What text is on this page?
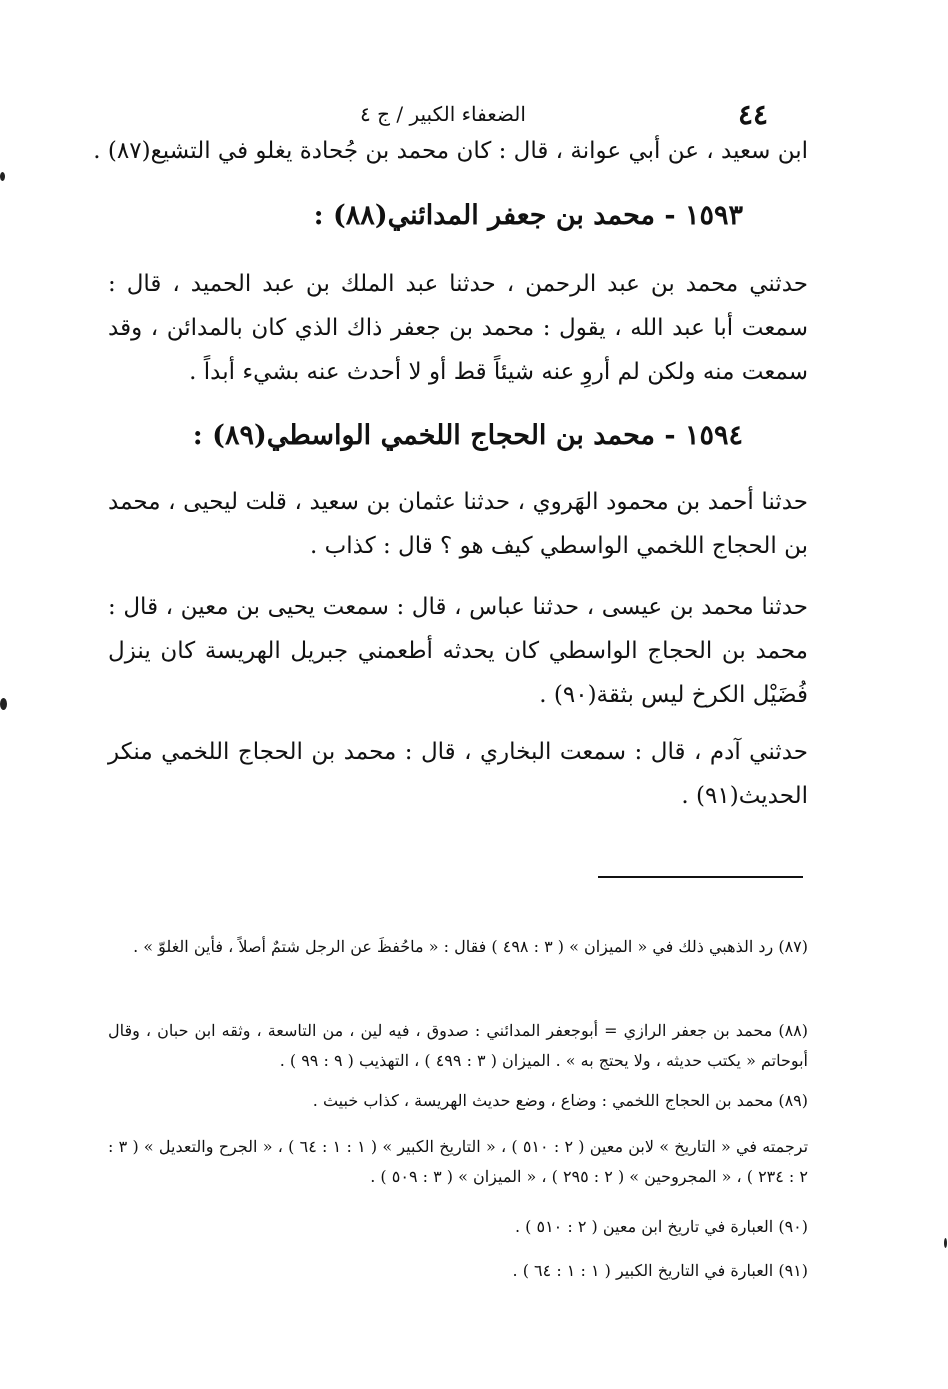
٤٤
الضعفاء الكبير / ج ٤
ابن سعيد ، عن أبي عوانة ، قال : كان محمد بن جُحادة يغلو في التشيع(٨٧) .
١٥٩٣ - محمد بن جعفر المدائني(٨٨) :
حدثني محمد بن عبد الرحمن ، حدثنا عبد الملك بن عبد الحميد ، قال : سمعت أبا عبد الله ، يقول : محمد بن جعفر ذاك الذي كان بالمدائن ، وقد سمعت منه ولكن لم أروِ عنه شيئاً قط أو لا أحدث عنه بشيء أبداً .
١٥٩٤ - محمد بن الحجاج اللخمي الواسطي(٨٩) :
حدثنا أحمد بن محمود الهَروي ، حدثنا عثمان بن سعيد ، قلت ليحيى ، محمد بن الحجاج اللخمي الواسطي كيف هو ؟ قال : كذاب .
حدثنا محمد بن عيسى ، حدثنا عباس ، قال : سمعت يحيى بن معين ، قال : محمد بن الحجاج الواسطي كان يحدثه أطعمني جبريل الهريسة كان ينزل فُضَيْل الكرخ ليس بثقة(٩٠) .
حدثني آدم ، قال : سمعت البخاري ، قال : محمد بن الحجاج اللخمي منكر الحديث(٩١) .
(٨٧) رد الذهبي ذلك في « الميزان » ( ٣ : ٤٩٨ ) فقال : « ماحُفظَ عن الرجل شتمٌ أصلاً ، فأين الغلوّ » .
(٨٨) محمد بن جعفر الرازي = أبوجعفر المدائني : صدوق ، فيه لين ، من التاسعة ، وثقه ابن حبان ، وقال أبوحاتم « يكتب حديثه ، ولا يحتج به » . الميزان ( ٣ : ٤٩٩ ) ، التهذيب ( ٩ : ٩٩ ) .
(٨٩) محمد بن الحجاج اللخمي : وضاع ، وضع حديث الهريسة ، كذاب خبيث .
ترجمته في « التاريخ » لابن معين ( ٢ : ٥١٠ ) ، « التاريخ الكبير » ( ١ : ١ : ٦٤ ) ، « الجرح والتعديل » ( ٣ : ٢ : ٢٣٤ ) ، « المجروحين » ( ٢ : ٢٩٥ ) ، « الميزان » ( ٣ : ٥٠٩ ) .
(٩٠) العبارة في تاريخ ابن معين ( ٢ : ٥١٠ ) .
(٩١) العبارة في التاريخ الكبير ( ١ : ١ : ٦٤ ) .
